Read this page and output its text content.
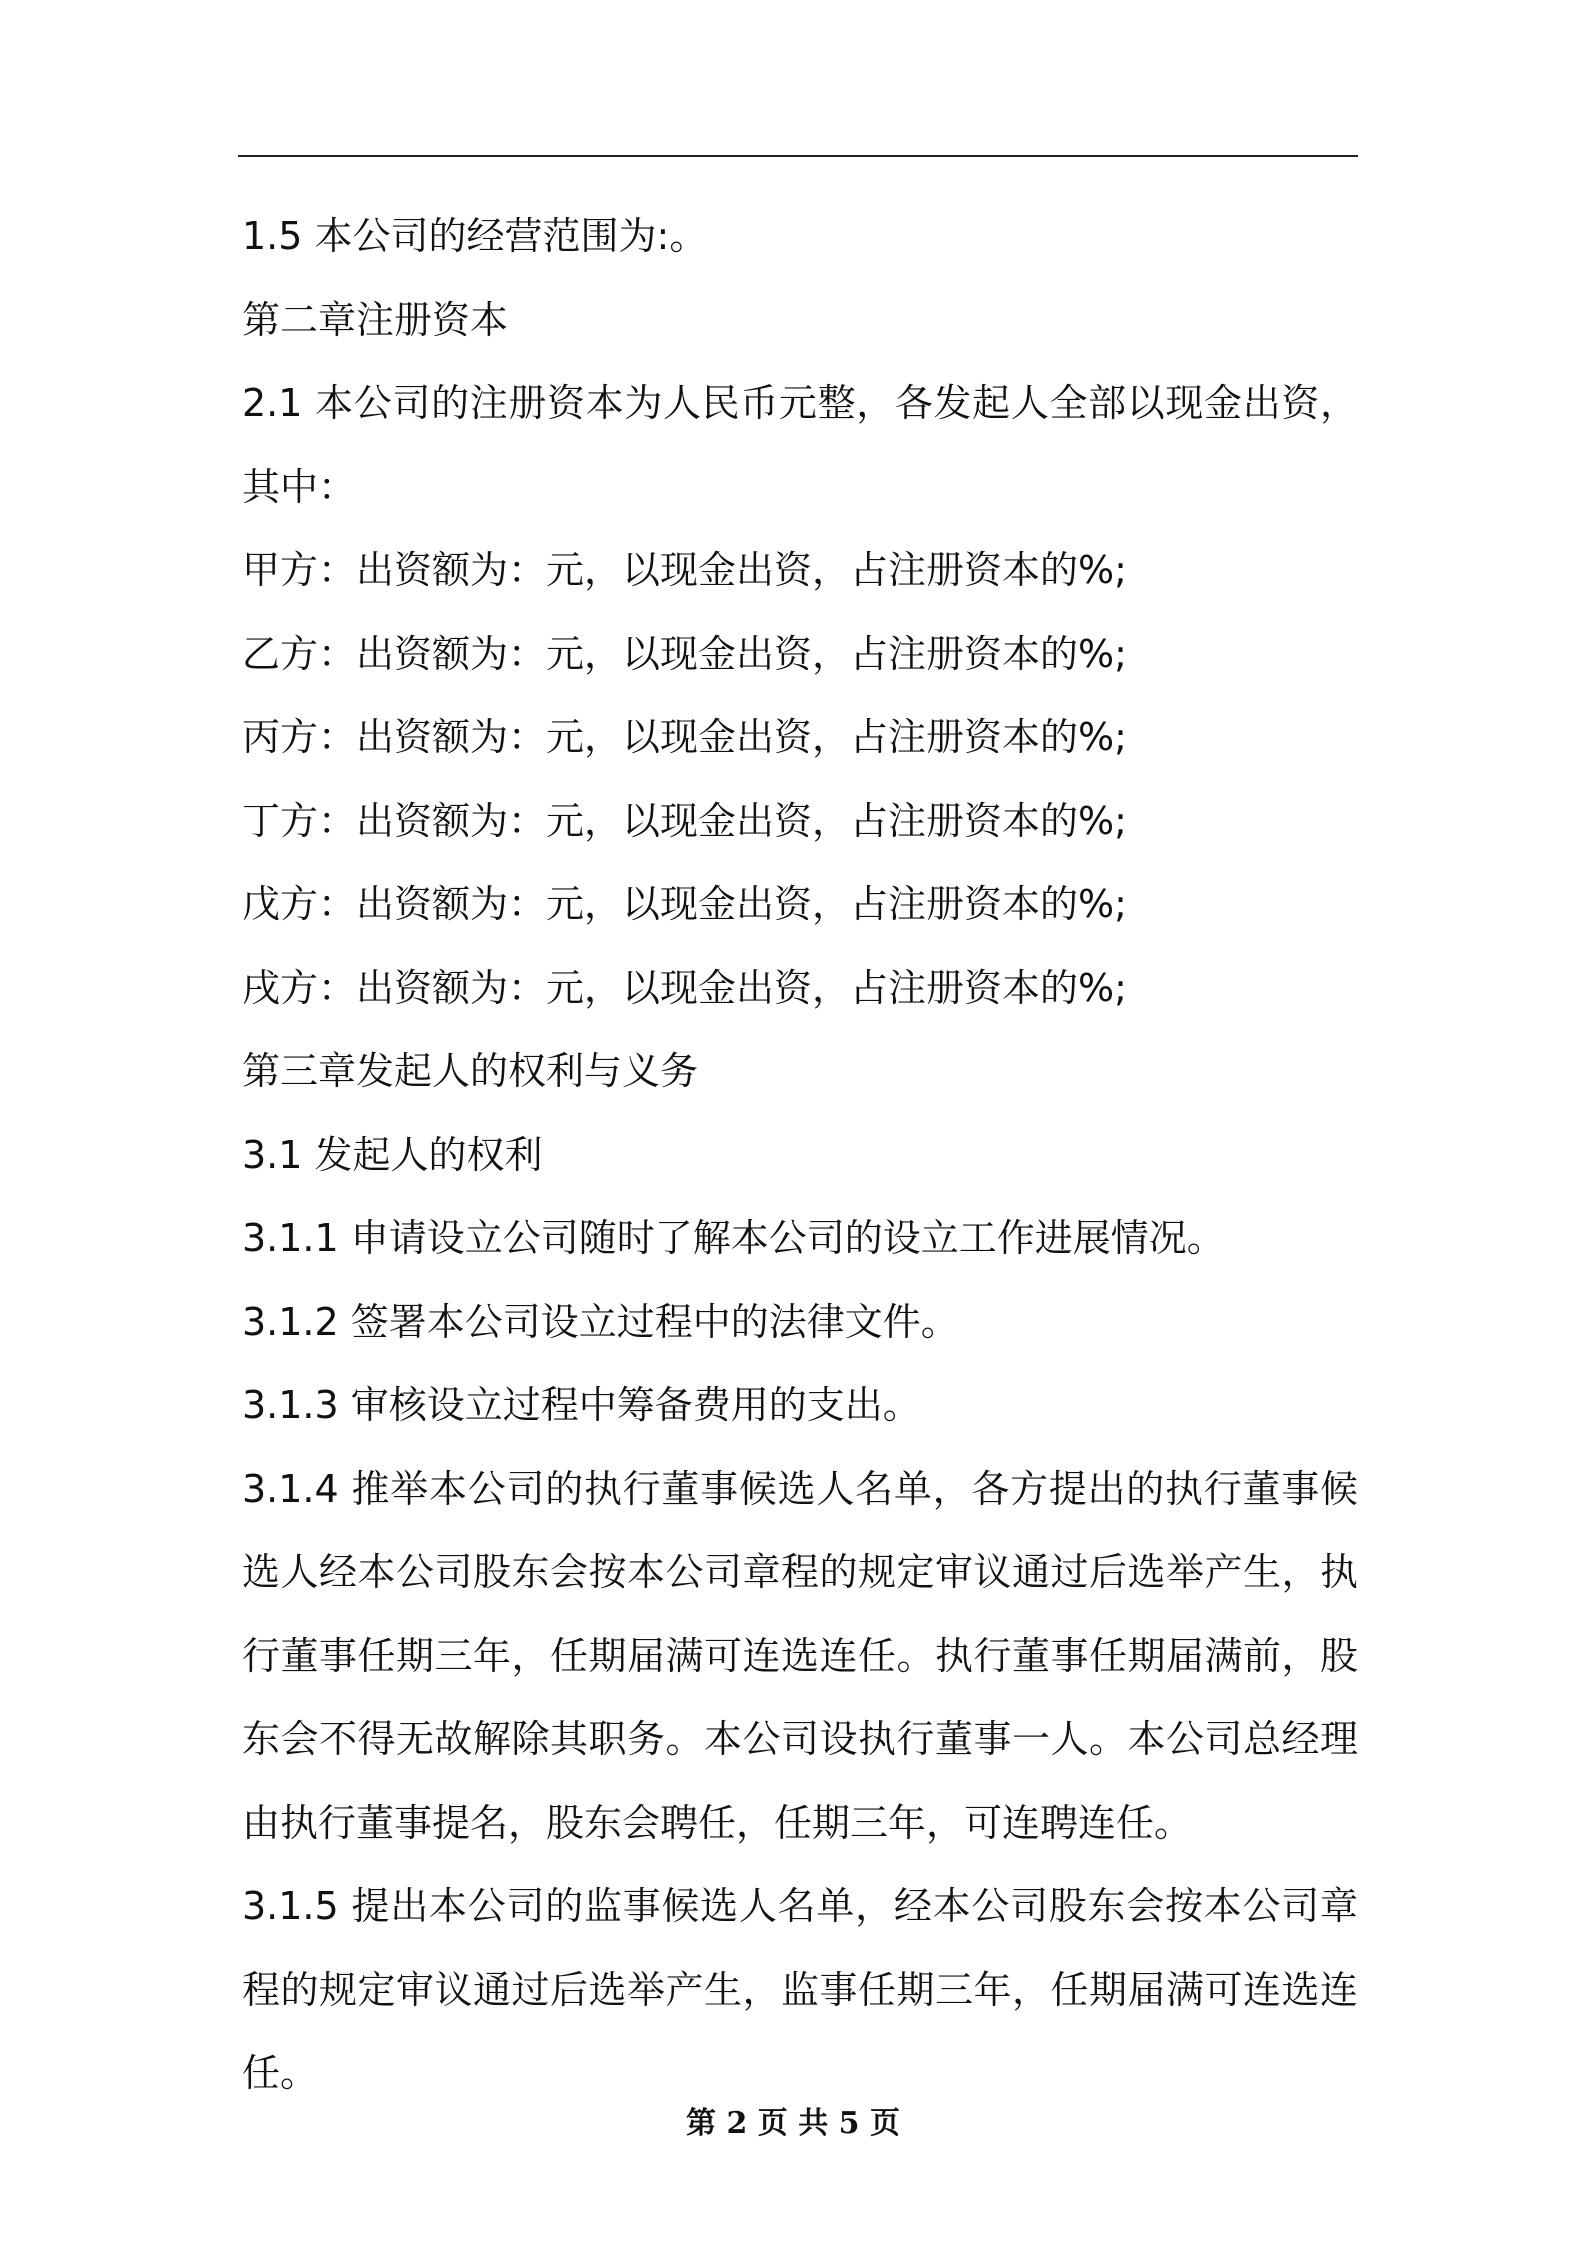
1.5 本公司的经营范围为:。

第二章注册资本

2.1 本公司的注册资本为人民币元整，各发起人全部以现金出资，其中：

甲方：出资额为：元，以现金出资，占注册资本的%;

乙方：出资额为：元，以现金出资，占注册资本的%;

丙方：出资额为：元，以现金出资，占注册资本的%;

丁方：出资额为：元，以现金出资，占注册资本的%;

戊方：出资额为：元，以现金出资，占注册资本的%;

戌方：出资额为：元，以现金出资，占注册资本的%;

第三章发起人的权利与义务

3.1 发起人的权利

3.1.1 申请设立公司随时了解本公司的设立工作进展情况。

3.1.2 签署本公司设立过程中的法律文件。

3.1.3 审核设立过程中筹备费用的支出。

3.1.4 推举本公司的执行董事候选人名单，各方提出的执行董事候选人经本公司股东会按本公司章程的规定审议通过后选举产生，执行董事任期三年，任期届满可连选连任。执行董事任期届满前，股东会不得无故解除其职务。本公司设执行董事一人。本公司总经理由执行董事提名，股东会聘任，任期三年，可连聘连任。

3.1.5 提出本公司的监事候选人名单，经本公司股东会按本公司章程的规定审议通过后选举产生，监事任期三年，任期届满可连选连任。

第 2 页 共 5 页
